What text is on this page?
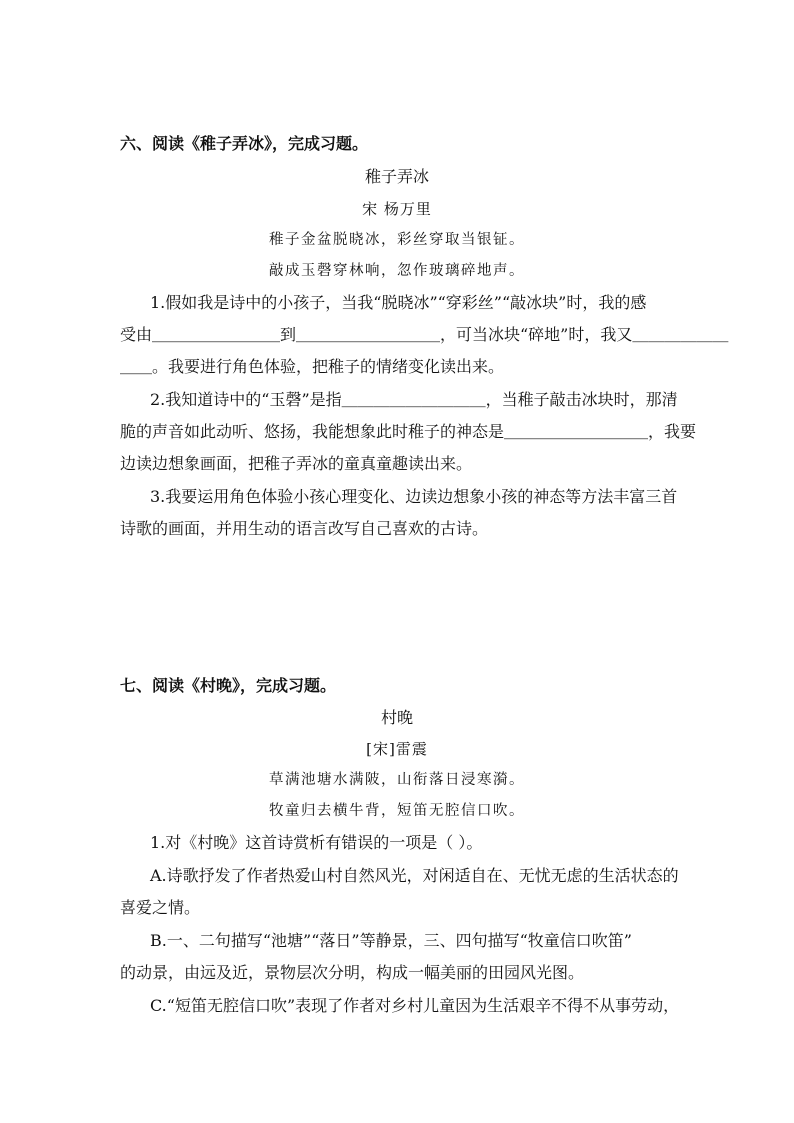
六、阅读《稚子弄冰》，完成习题。
稚子弄冰
宋 杨万里
稚子金盆脱晓冰，彩丝穿取当银钲。
敲成玉磬穿林响，忽作玻璃碎地声。
1.假如我是诗中的小孩子，当我“脱晓冰”“穿彩丝”“敲冰块”时，我的感
受由＿＿＿＿＿＿＿＿到＿＿＿＿＿＿＿＿＿，可当冰块“碎地”时，我又＿＿＿＿＿＿
＿＿。我要进行角色体验，把稚子的情绪变化读出来。
2.我知道诗中的“玉磬”是指＿＿＿＿＿＿＿＿＿，当稚子敲击冰块时，那清
脆的声音如此动听、悠扬，我能想象此时稚子的神态是＿＿＿＿＿＿＿＿＿，我要
边读边想象画面，把稚子弄冰的童真童趣读出来。
3.我要运用角色体验小孩心理变化、边读边想象小孩的神态等方法丰富三首
诗歌的画面，并用生动的语言改写自己喜欢的古诗。
七、阅读《村晚》，完成习题。
村晚
[宋]雷震
草满池塘水满陂，山衔落日浸寒漪。
牧童归去横牛背，短笛无腔信口吹。
1.对《村晚》这首诗赏析有错误的一项是（ ）。
A.诗歌抒发了作者热爱山村自然风光，对闲适自在、无忧无虑的生活状态的
喜爱之情。
B.一、二句描写“池塘”“落日”等静景，三、四句描写“牧童信口吹笛”
的动景，由远及近，景物层次分明，构成一幅美丽的田园风光图。
C.“短笛无腔信口吹”表现了作者对乡村儿童因为生活艰辛不得不从事劳动，
